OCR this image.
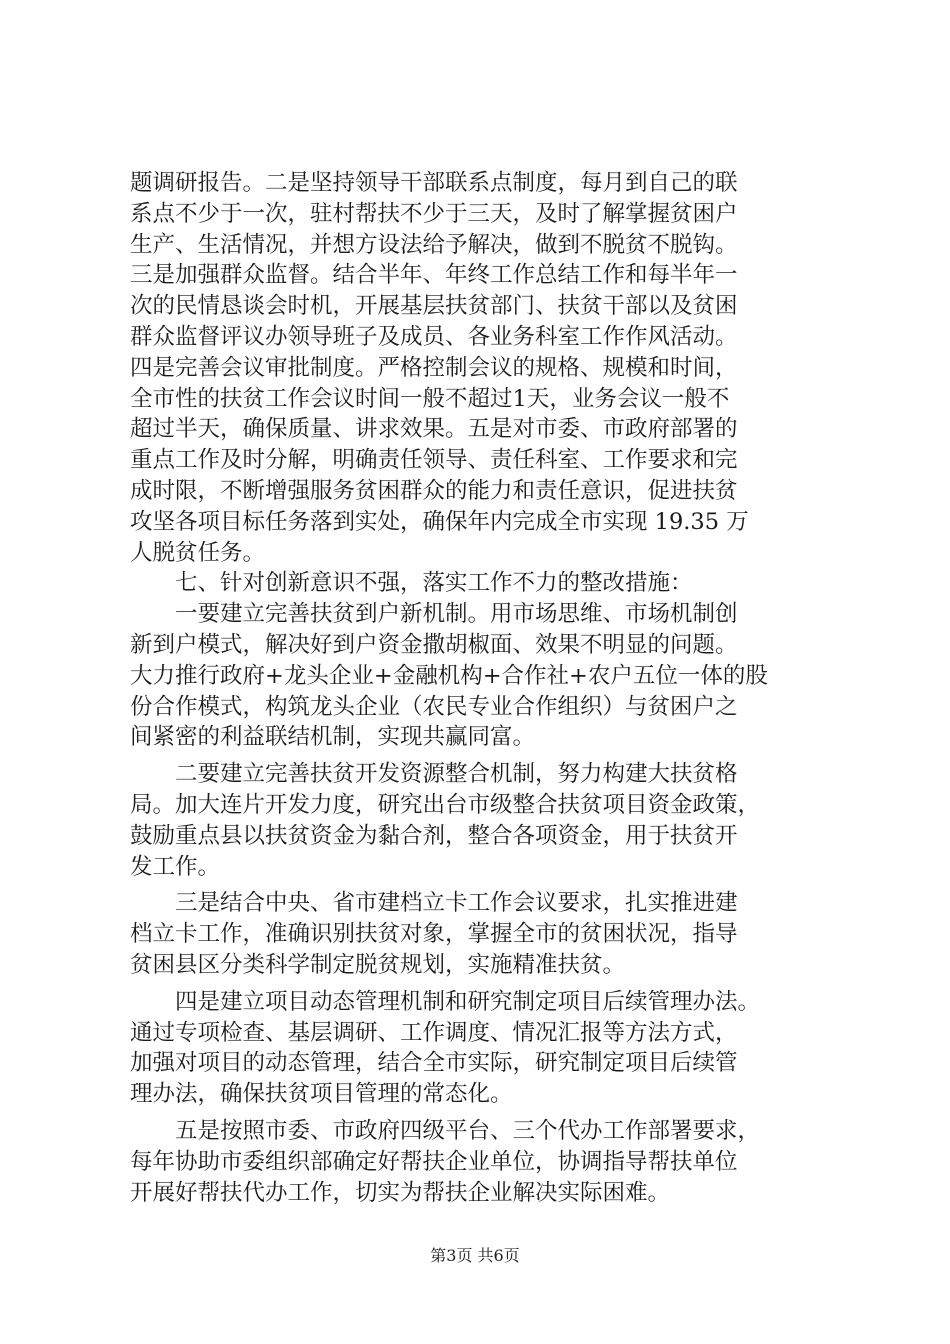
题调研报告。二是坚持领导干部联系点制度，每月到自己的联
系点不少于一次，驻村帮扶不少于三天，及时了解掌握贫困户
生产、生活情况，并想方设法给予解决，做到不脱贫不脱钩。
三是加强群众监督。结合半年、年终工作总结工作和每半年一
次的民情恳谈会时机，开展基层扶贫部门、扶贫干部以及贫困
群众监督评议办领导班子及成员、各业务科室工作作风活动。
四是完善会议审批制度。严格控制会议的规格、规模和时间，
全市性的扶贫工作会议时间一般不超过1天，业务会议一般不
超过半天，确保质量、讲求效果。五是对市委、市政府部署的
重点工作及时分解，明确责任领导、责任科室、工作要求和完
成时限，不断增强服务贫困群众的能力和责任意识，促进扶贫
攻坚各项目标任务落到实处，确保年内完成全市实现 19.35 万
人脱贫任务。
　　七、针对创新意识不强，落实工作不力的整改措施：
　　一要建立完善扶贫到户新机制。用市场思维、市场机制创
新到户模式，解决好到户资金撒胡椒面、效果不明显的问题。
大力推行政府+龙头企业+金融机构+合作社+农户五位一体的股
份合作模式，构筑龙头企业（农民专业合作组织）与贫困户之
间紧密的利益联结机制，实现共赢同富。
　　二要建立完善扶贫开发资源整合机制，努力构建大扶贫格
局。加大连片开发力度，研究出台市级整合扶贫项目资金政策，
鼓励重点县以扶贫资金为黏合剂，整合各项资金，用于扶贫开
发工作。
　　三是结合中央、省市建档立卡工作会议要求，扎实推进建
档立卡工作，准确识别扶贫对象，掌握全市的贫困状况，指导
贫困县区分类科学制定脱贫规划，实施精准扶贫。
　　四是建立项目动态管理机制和研究制定项目后续管理办法。
通过专项检查、基层调研、工作调度、情况汇报等方法方式，
加强对项目的动态管理，结合全市实际，研究制定项目后续管
理办法，确保扶贫项目管理的常态化。
　　五是按照市委、市政府四级平台、三个代办工作部署要求，
每年协助市委组织部确定好帮扶企业单位，协调指导帮扶单位
开展好帮扶代办工作，切实为帮扶企业解决实际困难。
第3页 共6页
